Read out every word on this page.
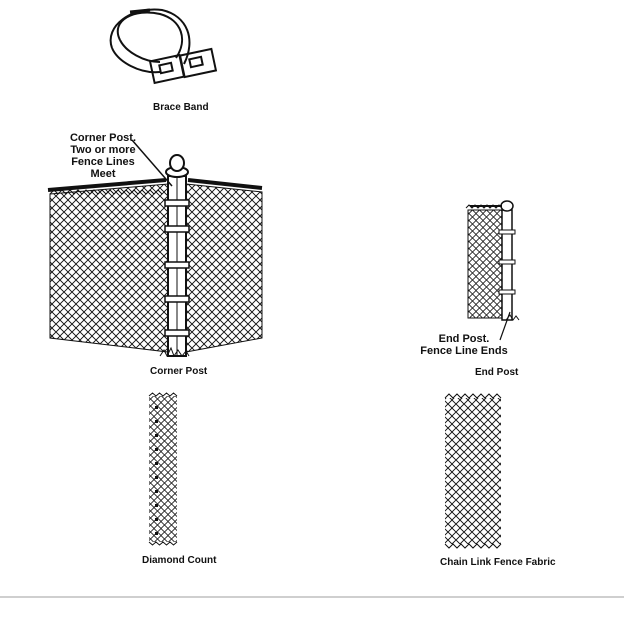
Brace Band
Corner Post.
Two or more
Fence Lines
Meet
Corner Post
End Post.
Fence Line Ends
End Post
Diamond Count	Chain Link Fence Fabric
